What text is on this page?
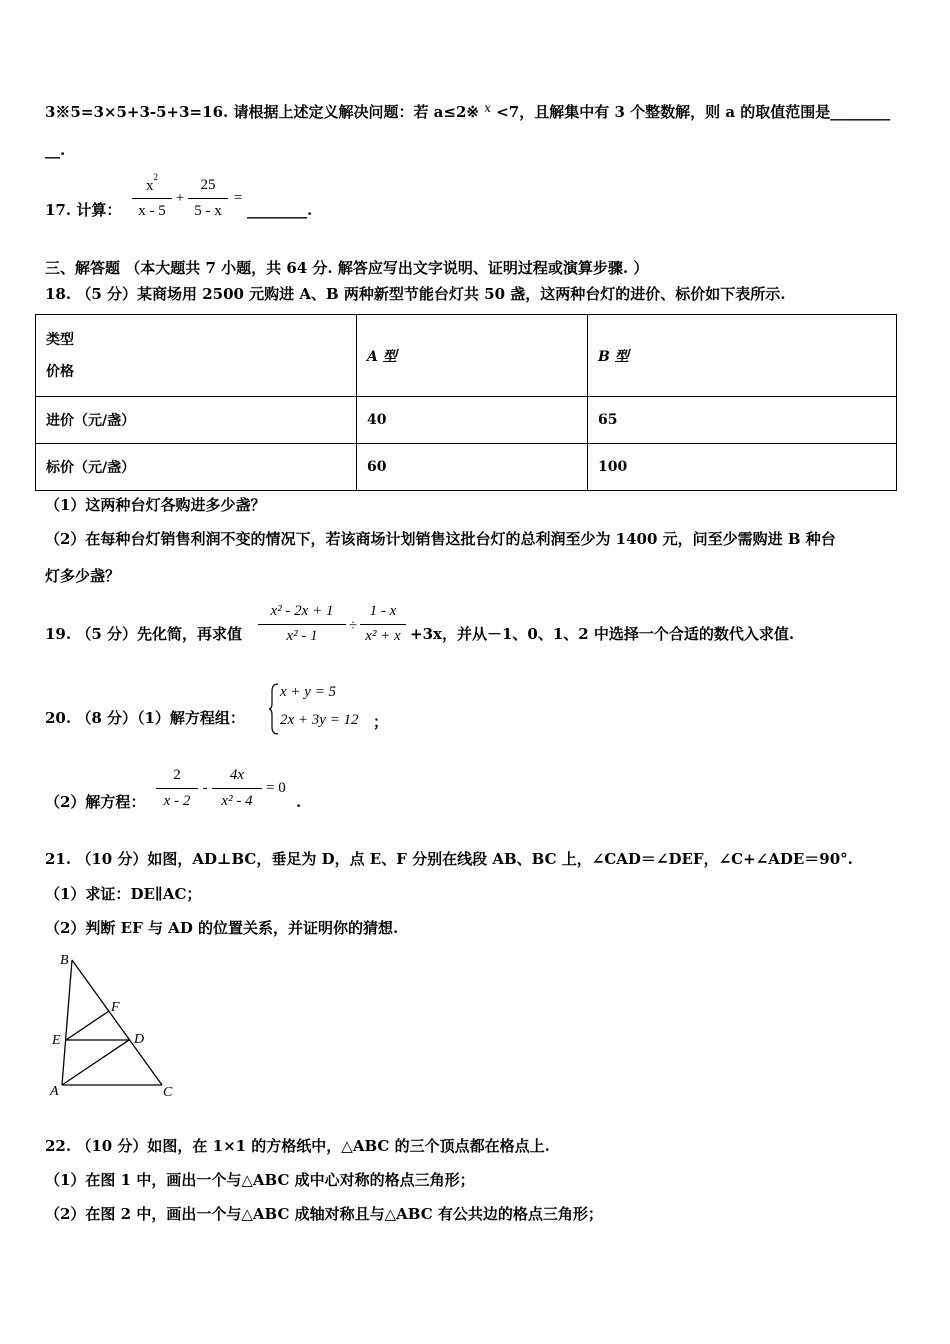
3※5=3×5+3-5+3=16. 请根据上述定义解决问题：若 a≤2※ $^x$ <7，且解集中有 3 个整数解，则 a 的取值范围是________
__.
17. 计算：
$x^2$
x - 5
+
25
5 - x
=
________.
三、解答题 （本大题共 7 小题，共 64 分. 解答应写出文字说明、证明过程或演算步骤. ）
18. （5 分）某商场用 2500 元购进 A、B 两种新型节能台灯共 50 盏，这两种台灯的进价、标价如下表所示.
类型
价格	A 型	B 型
进价（元/盏）	40	65
标价（元/盏）	60	100
（1）这两种台灯各购进多少盏？
（2）在每种台灯销售利润不变的情况下，若该商场计划销售这批台灯的总利润至少为 1400 元，问至少需购进 B 种台
灯多少盏？
19. （5 分）先化简，再求值
x² - 2x + 1
x² - 1
÷
1 - x
x² + x +3x，并从－1、0、1、2 中选择一个合适的数代入求值.
20. （8 分）（1）解方程组：
x + y = 5
2x + 3y = 12 ；
（2）解方程：
2
x - 2
-
4x
x² - 4
= 0
.
21. （10 分）如图，AD⊥BC，垂足为 D，点 E、F 分别在线段 AB、BC 上，∠CAD＝∠DEF，∠C+∠ADE＝90°.
（1）求证：DE∥AC；
（2）判断 EF 与 AD 的位置关系，并证明你的猜想.
B
F
E	D
A	C
22. （10 分）如图，在 1×1 的方格纸中，△ABC 的三个顶点都在格点上.
（1）在图 1 中，画出一个与△ABC 成中心对称的格点三角形；
（2）在图 2 中，画出一个与△ABC 成轴对称且与△ABC 有公共边的格点三角形；
